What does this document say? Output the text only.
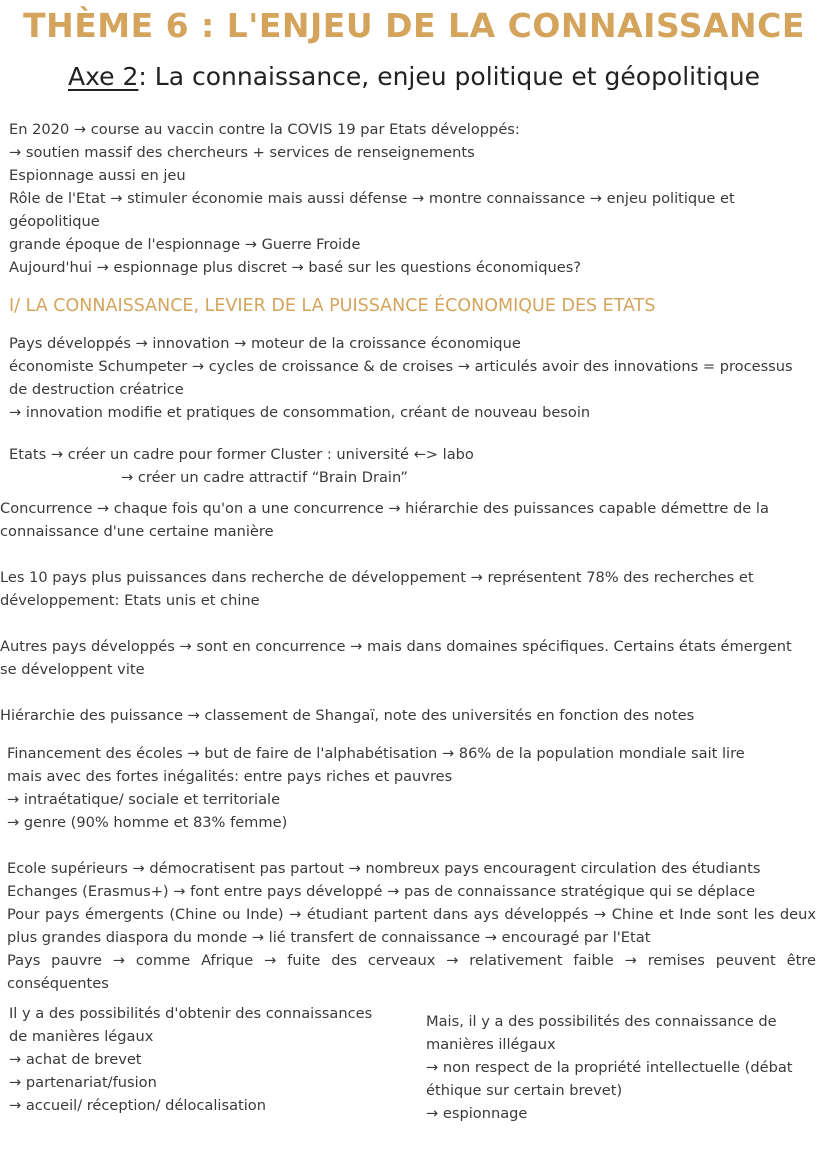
THÈME 6 : L'ENJEU DE LA CONNAISSANCE
Axe 2: La connaissance, enjeu politique et géopolitique

En 2020 → course au vaccin contre la COVIS 19 par Etats développés:

→ soutien massif des chercheurs + services de renseignements

Espionnage aussi en jeu

Rôle de l'Etat → stimuler économie mais aussi défense → montre connaissance → enjeu politique et

géopolitique

grande époque de l'espionnage → Guerre Froide

Aujourd'hui → espionnage plus discret → basé sur les questions économiques?

I/ LA CONNAISSANCE, LEVIER DE LA PUISSANCE ÉCONOMIQUE DES ETATS

Pays développés → innovation → moteur de la croissance économique

économiste Schumpeter → cycles de croissance & de croises → articulés avoir des innovations = processus

de destruction créatrice

→ innovation modifie et pratiques de consommation, créant de nouveau besoin

Etats → créer un cadre pour former Cluster : université ←> labo

→ créer un cadre attractif “Brain Drain”

Concurrence → chaque fois qu'on a une concurrence → hiérarchie des puissances capable démettre de la

connaissance d'une certaine manière

Les 10 pays plus puissances dans recherche de développement → représentent 78% des recherches et

développement: Etats unis et chine

Autres pays développés → sont en concurrence → mais dans domaines spécifiques. Certains états émergent

se développent vite

Hiérarchie des puissance → classement de Shangaï, note des universités en fonction des notes

Financement des écoles → but de faire de l'alphabétisation → 86% de la population mondiale sait lire

mais avec des fortes inégalités: entre pays riches et pauvres

→ intraétatique/ sociale et territoriale

→ genre (90% homme et 83% femme)

Ecole supérieurs → démocratisent pas partout → nombreux pays encouragent circulation des étudiants

Echanges (Erasmus+) → font entre pays développé → pas de connaissance stratégique qui se déplace

Pour pays émergents (Chine ou Inde) → étudiant partent dans ays développés → Chine et Inde sont les deux plus grandes diaspora du monde → lié transfert de connaissance → encouragé par l'Etat

Pays pauvre → comme Afrique → fuite des cerveaux → relativement faible → remises peuvent être conséquentes

Il y a des possibilités d'obtenir des connaissances

de manières légaux

→ achat de brevet

→ partenariat/fusion

→ accueil/ réception/ délocalisation

Mais, il y a des possibilités des connaissance de

manières illégaux

→ non respect de la propriété intellectuelle (débat

éthique sur certain brevet)

→ espionnage
